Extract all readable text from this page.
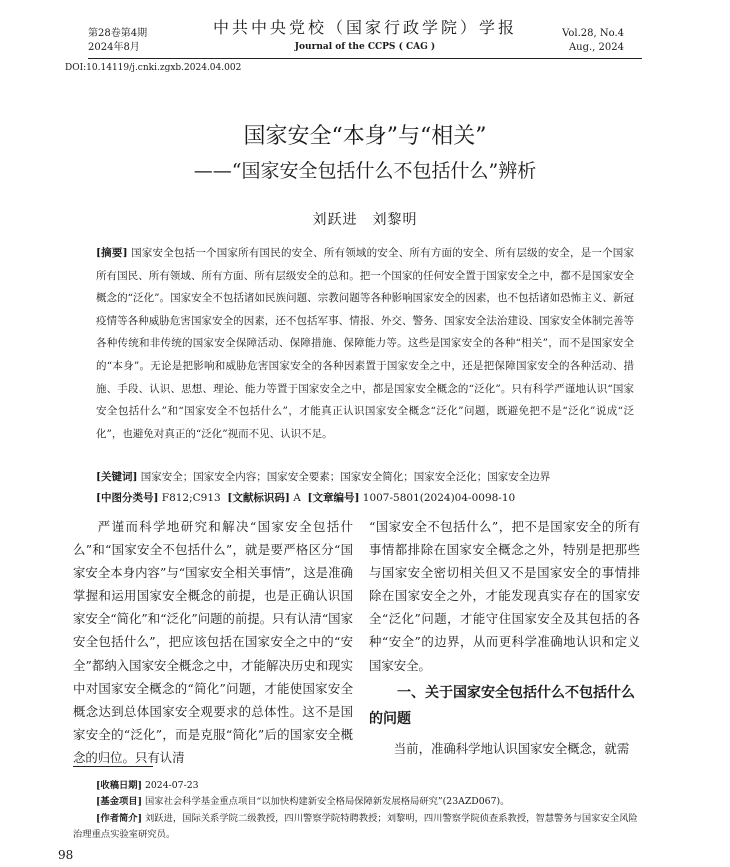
第28卷第4期
2024年8月
中共中央党校（国家行政学院）学报
Journal of the CCPS ( CAG )
Vol.28, No.4
Aug., 2024
DOI:10.14119/j.cnki.zgxb.2024.04.002
国家安全“本身”与“相关”
——“国家安全包括什么不包括什么”辨析
刘跃进　刘黎明
[摘要] 国家安全包括一个国家所有国民的安全、所有领域的安全、所有方面的安全、所有层级的安全，是一个国家所有国民、所有领域、所有方面、所有层级安全的总和。把一个国家的任何安全置于国家安全之中，都不是国家安全概念的“泛化”。国家安全不包括诸如民族问题、宗教问题等各种影响国家安全的因素，也不包括诸如恐怖主义、新冠疫情等各种威胁危害国家安全的因素，还不包括军事、情报、外交、警务、国家安全法治建设、国家安全体制完善等各种传统和非传统的国家安全保障活动、保障措施、保障能力等。这些是国家安全的各种“相关”，而不是国家安全的“本身”。无论是把影响和威胁危害国家安全的各种因素置于国家安全之中，还是把保障国家安全的各种活动、措施、手段、认识、思想、理论、能力等置于国家安全之中，都是国家安全概念的“泛化”。只有科学严谨地认识“国家安全包括什么”和“国家安全不包括什么”，才能真正认识国家安全概念“泛化”问题，既避免把不是“泛化”说成“泛化”，也避免对真正的“泛化”视而不见、认识不足。
[关键词] 国家安全；国家安全内容；国家安全要素；国家安全简化；国家安全泛化；国家安全边界
[中图分类号] F812;C913 [文献标识码] A [文章编号] 1007-5801(2024)04-0098-10
严谨而科学地研究和解决“国家安全包括什么”和“国家安全不包括什么”，就是要严格区分“国家安全本身内容”与“国家安全相关事情”，这是准确掌握和运用国家安全概念的前提，也是正确认识国家安全“简化”和“泛化”问题的前提。只有认清“国家安全包括什么”，把应该包括在国家安全之中的“安全”都纳入国家安全概念之中，才能解决历史和现实中对国家安全概念的“简化”问题，才能使国家安全概念达到总体国家安全观要求的总体性。这不是国家安全的“泛化”，而是克服“简化”后的国家安全概念的归位。只有认清
“国家安全不包括什么”，把不是国家安全的所有事情都排除在国家安全概念之外，特别是把那些与国家安全密切相关但又不是国家安全的事情排除在国家安全之外，才能发现真实存在的国家安全“泛化”问题，才能守住国家安全及其包括的各种“安全”的边界，从而更科学准确地认识和定义国家安全。
一、关于国家安全包括什么不包括什么的问题
当前，准确科学地认识国家安全概念，就需
[收稿日期] 2024-07-23
[基金项目] 国家社会科学基金重点项目“以加快构建新安全格局保障新发展格局研究”(23AZD067)。
[作者简介] 刘跃进，国际关系学院二级教授，四川警察学院特聘教授；刘黎明，四川警察学院侦查系教授，智慧警务与国家安全风险治理重点实验室研究员。
98
